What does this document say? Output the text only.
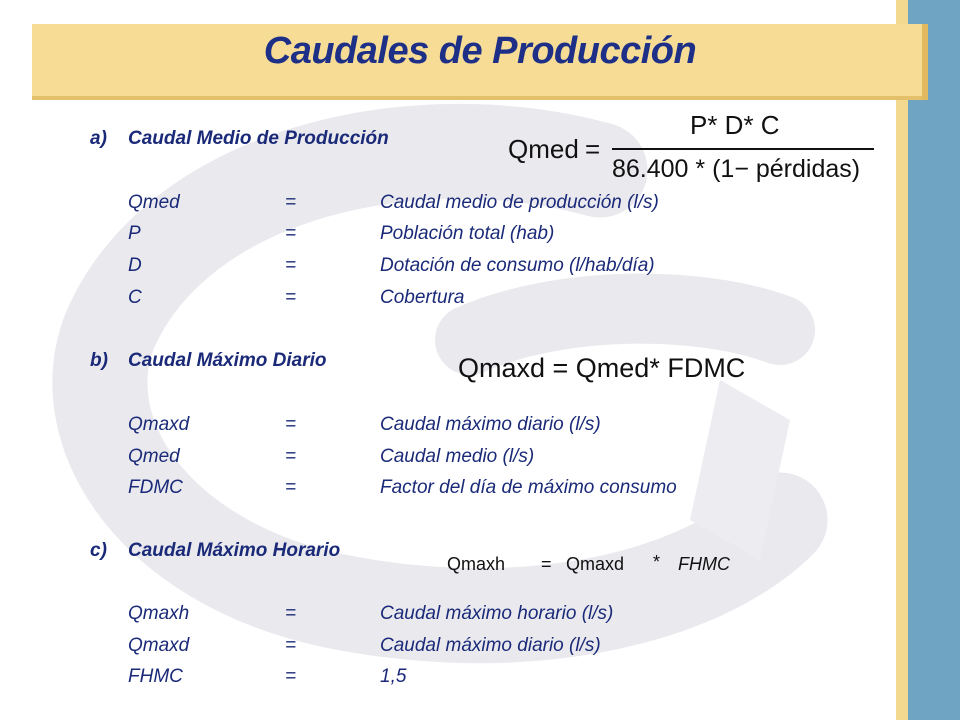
Caudales de Producción
a) Caudal Medio de Producción	Qmed =
P* D* C
86.400 * (1− pérdidas)
Qmed	=	Caudal medio de producción (l/s)
P	=	Población total (hab)
D	=	Dotación de consumo (l/hab/día)
C	=	Cobertura
b) Caudal Máximo Diario	Qmaxd = Qmed* FDMC
Qmaxd	=	Caudal máximo diario (l/s)
Qmed	=	Caudal medio (l/s)
FDMC	=	Factor del día de máximo consumo
c) Caudal Máximo Horario
Qmaxh = Qmaxd * FHMC
Qmaxh	=	Caudal máximo horario (l/s)
Qmaxd	=	Caudal máximo diario (l/s)
FHMC	=	1,5
